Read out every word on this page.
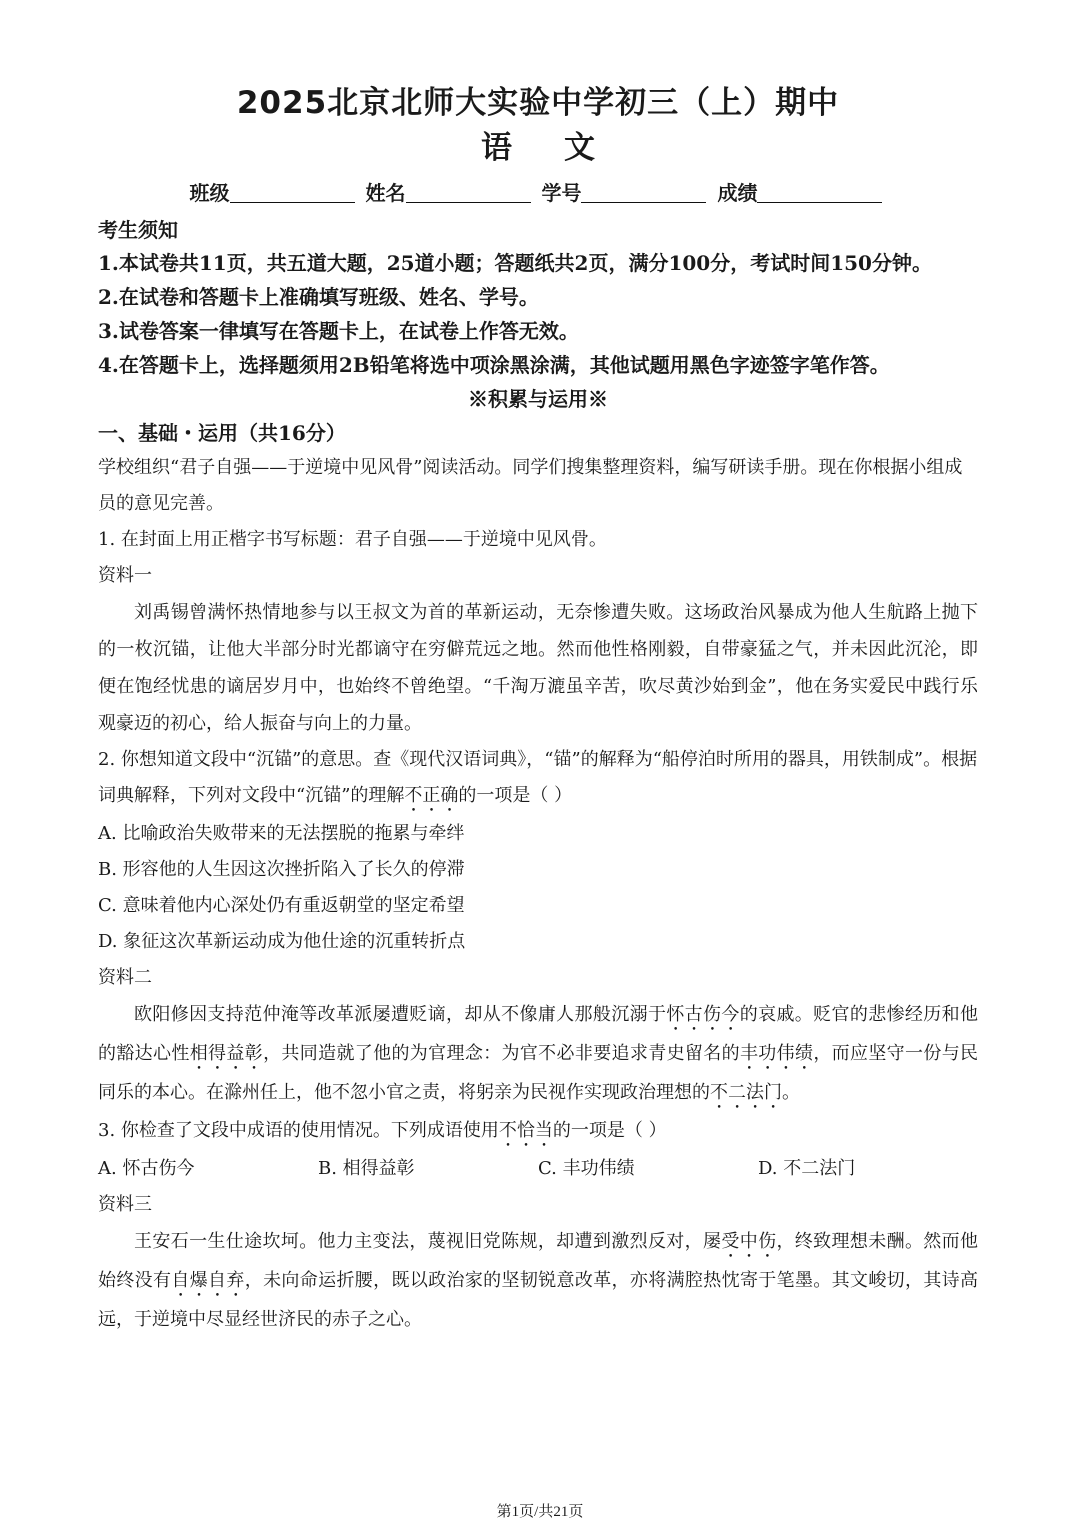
2025北京北师大实验中学初三（上）期中
语文
班级	姓名	学号	成绩
考生须知
1.本试卷共11页，共五道大题，25道小题；答题纸共2页，满分100分，考试时间150分钟。
2.在试卷和答题卡上准确填写班级、姓名、学号。
3.试卷答案一律填写在答题卡上，在试卷上作答无效。
4.在答题卡上，选择题须用2B铅笔将选中项涂黑涂满，其他试题用黑色字迹签字笔作答。
※积累与运用※
一、基础・运用（共16分）
学校组织“君子自强——于逆境中见风骨”阅读活动。同学们搜集整理资料，编写研读手册。现在你根据小组成员的意见完善。
1. 在封面上用正楷字书写标题：君子自强——于逆境中见风骨。
资料一
刘禹锡曾满怀热情地参与以王叔文为首的革新运动，无奈惨遭失败。这场政治风暴成为他人生航路上抛下的一枚沉锚，让他大半部分时光都谪守在穷僻荒远之地。然而他性格刚毅，自带豪猛之气，并未因此沉沦，即便在饱经忧患的谪居岁月中，也始终不曾绝望。“千淘万漉虽辛苦，吹尽黄沙始到金”，他在务实爱民中践行乐观豪迈的初心，给人振奋与向上的力量。
2. 你想知道文段中“沉锚”的意思。查《现代汉语词典》，“锚”的解释为“船停泊时所用的器具，用铁制成”。根据词典解释，下列对文段中“沉锚”的理解不正确的一项是（ ）
A. 比喻政治失败带来的无法摆脱的拖累与牵绊
B. 形容他的人生因这次挫折陷入了长久的停滞
C. 意味着他内心深处仍有重返朝堂的坚定希望
D. 象征这次革新运动成为他仕途的沉重转折点
资料二
欧阳修因支持范仲淹等改革派屡遭贬谪，却从不像庸人那般沉溺于怀古伤今的哀戚。贬官的悲惨经历和他的豁达心性相得益彰，共同造就了他的为官理念：为官不必非要追求青史留名的丰功伟绩，而应坚守一份与民同乐的本心。在滁州任上，他不忽小官之责，将躬亲为民视作实现政治理想的不二法门。
3. 你检查了文段中成语的使用情况。下列成语使用不恰当的一项是（ ）
A. 怀古伤今	B. 相得益彰	C. 丰功伟绩	D. 不二法门
资料三
王安石一生仕途坎坷。他力主变法，蔑视旧党陈规，却遭到激烈反对，屡受中伤，终致理想未酬。然而他始终没有自爆自弃，未向命运折腰，既以政治家的坚韧锐意改革，亦将满腔热忱寄于笔墨。其文峻切，其诗高远，于逆境中尽显经世济民的赤子之心。
第1页/共21页
